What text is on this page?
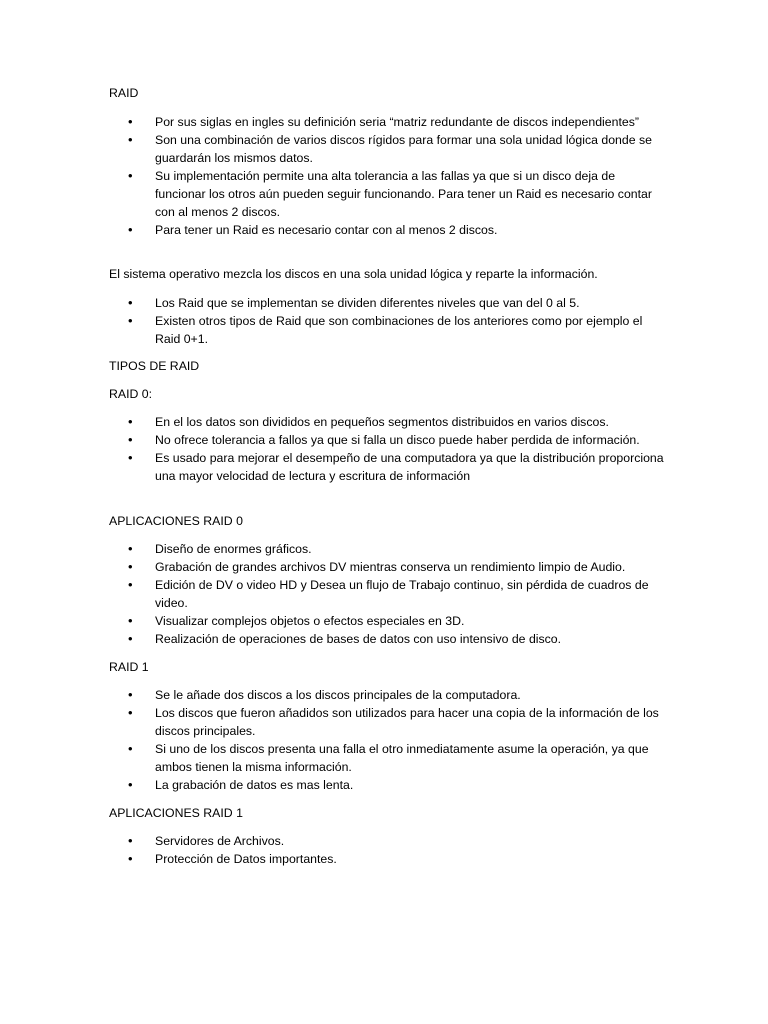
RAID

• Por sus siglas en ingles su definición seria “matriz redundante de discos independientes”
• Son una combinación de varios discos rígidos para formar una sola unidad lógica donde se guardarán los mismos datos.
• Su implementación permite una alta tolerancia a las fallas ya que si un disco deja de funcionar los otros aún pueden seguir funcionando. Para tener un Raid es necesario contar con al menos 2 discos.
• Para tener un Raid es necesario contar con al menos 2 discos.

El sistema operativo mezcla los discos en una sola unidad lógica y reparte la información.

• Los Raid que se implementan se dividen diferentes niveles que van del 0 al 5.
• Existen otros tipos de Raid que son combinaciones de los anteriores como por ejemplo el Raid 0+1.

TIPOS DE RAID

RAID 0:

• En el los datos son divididos en pequeños segmentos distribuidos en varios discos.
• No ofrece tolerancia a fallos ya que si falla un disco puede haber perdida de información.
• Es usado para mejorar el desempeño de una computadora ya que la distribución proporciona una mayor velocidad de lectura y escritura de información

APLICACIONES RAID 0

• Diseño de enormes gráficos.
• Grabación de grandes archivos DV mientras conserva un rendimiento limpio de Audio.
• Edición de DV o video HD y Desea un flujo de Trabajo continuo, sin pérdida de cuadros de video.
• Visualizar complejos objetos o efectos especiales en 3D.
• Realización de operaciones de bases de datos con uso intensivo de disco.

RAID 1

• Se le añade dos discos a los discos principales de la computadora.
• Los discos que fueron añadidos son utilizados para hacer una copia de la información de los discos principales.
• Si uno de los discos presenta una falla el otro inmediatamente asume la operación, ya que ambos tienen la misma información.
• La grabación de datos es mas lenta.

APLICACIONES RAID 1

• Servidores de Archivos.
• Protección de Datos importantes.
